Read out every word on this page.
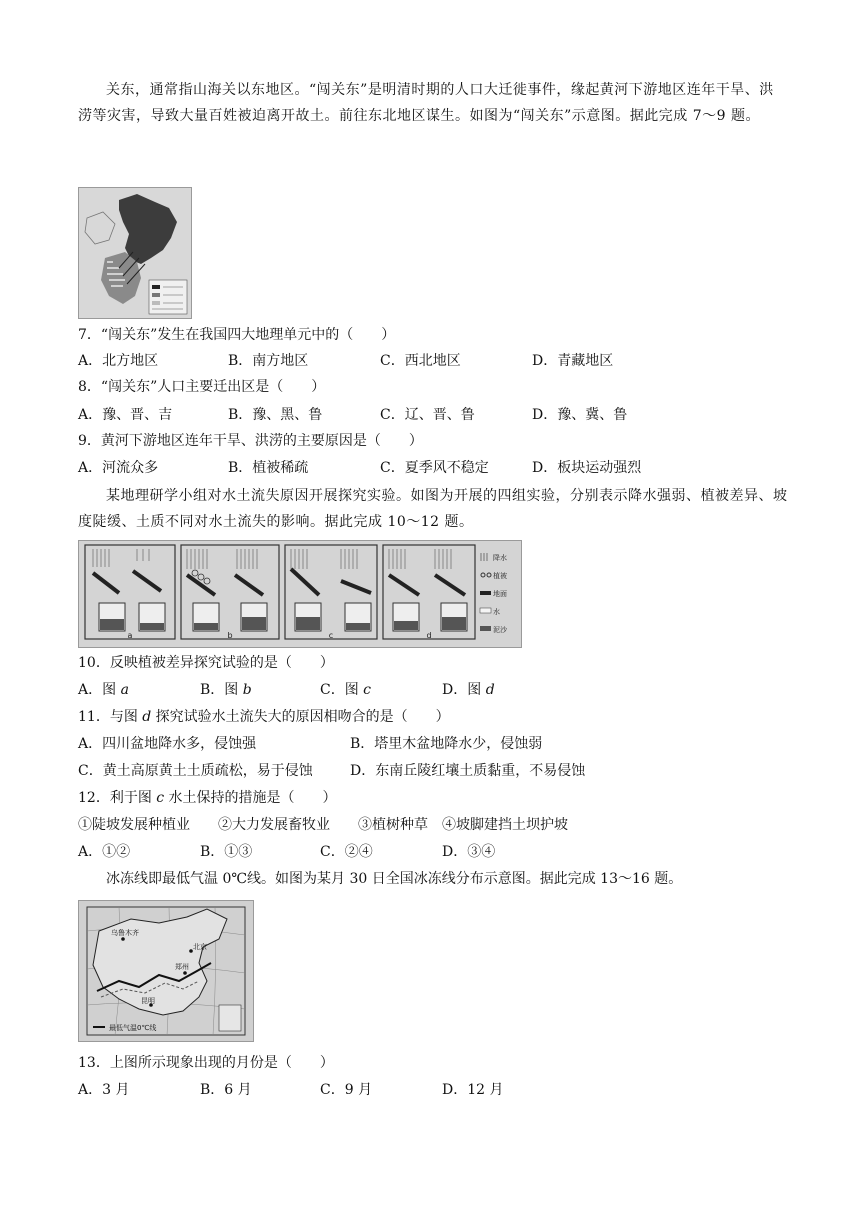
关东，通常指山海关以东地区。“闯关东”是明清时期的人口大迁徙事件，缘起黄河下游地区连年干旱、洪涝等灾害，导致大量百姓被迫离开故土。前往东北地区谋生。如图为“闯关东”示意图。据此完成 7～9 题。
7．“闯关东”发生在我国四大地理单元中的（　　）
A．北方地区	B．南方地区	C．西北地区	D．青藏地区
8．“闯关东”人口主要迁出区是（　　）
A．豫、晋、吉	B．豫、黑、鲁	C．辽、晋、鲁	D．豫、冀、鲁
9．黄河下游地区连年干旱、洪涝的主要原因是（　　）
A．河流众多	B．植被稀疏	C．夏季风不稳定	D．板块运动强烈
某地理研学小组对水土流失原因开展探究实验。如图为开展的四组实验，分别表示降水强弱、植被差异、坡度陡缓、土质不同对水土流失的影响。据此完成 10～12 题。
a	b	c	d
降水
植被
地面
水
泥沙
10．反映植被差异探究试验的是（　　）
A．图 a	B．图 b	C．图 c	D．图 d
11．与图 d 探究试验水土流失大的原因相吻合的是（　　）
A．四川盆地降水多，侵蚀强	B．塔里木盆地降水少，侵蚀弱
C．黄土高原黄土土质疏松，易于侵蚀	D．东南丘陵红壤土质黏重，不易侵蚀
12．利于图 c 水土保持的措施是（　　）
①陡坡发展种植业　　②大力发展畜牧业　　③植树种草　④坡脚建挡土坝护坡
A．①②	B．①③	C．②④	D．③④
冰冻线即最低气温 0℃线。如图为某月 30 日全国冰冻线分布示意图。据此完成 13～16 题。
乌鲁木齐
北京
郑州
昆明
最低气温0℃线
13．上图所示现象出现的月份是（　　）
A．3 月	B．6 月	C．9 月	D．12 月
